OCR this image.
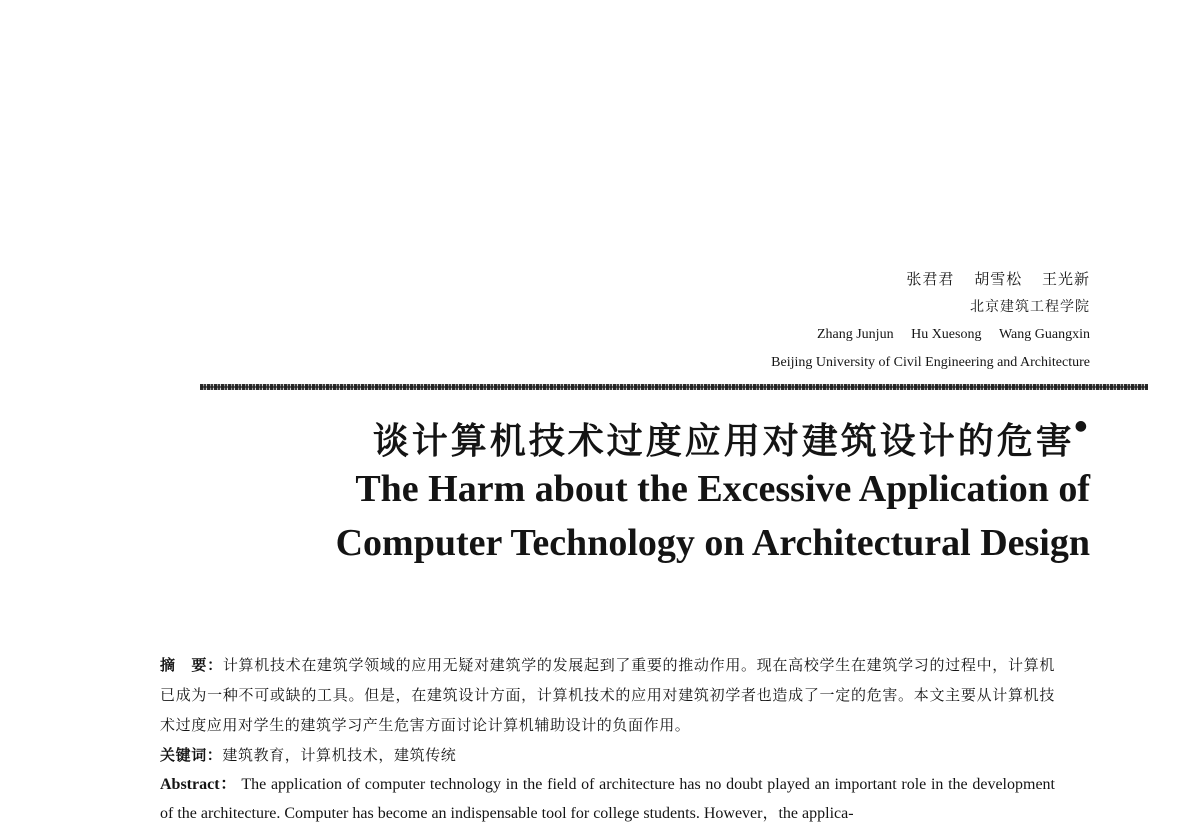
张君君 胡雪松 王光新
北京建筑工程学院
Zhang Junjun Hu Xuesong Wang Guangxin
Beijing University of Civil Engineering and Architecture
谈计算机技术过度应用对建筑设计的危害●
The Harm about the Excessive Application of
Computer Technology on Architectural Design
摘　要：计算机技术在建筑学领域的应用无疑对建筑学的发展起到了重要的推动作用。现在高校学生在建筑学习的过程中，计算机已成为一种不可或缺的工具。但是，在建筑设计方面，计算机技术的应用对建筑初学者也造成了一定的危害。本文主要从计算机技术过度应用对学生的建筑学习产生危害方面讨论计算机辅助设计的负面作用。
关键词：建筑教育，计算机技术，建筑传统
Abstract： The application of computer technology in the field of architecture has no doubt played an important role in the development of the architecture. Computer has become an indispensable tool for college students. However，the applica-
